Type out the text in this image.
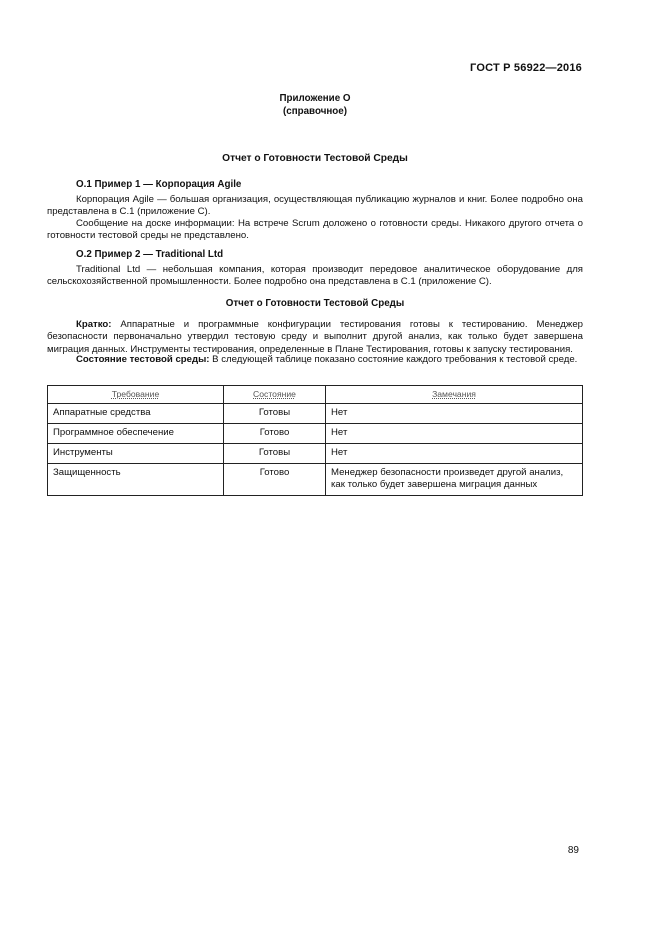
ГОСТ Р 56922—2016
Приложение О
(справочное)
Отчет о Готовности Тестовой Среды
О.1 Пример 1 — Корпорация Agile

Корпорация Agile — большая организация, осуществляющая публикацию журналов и книг. Более подробно она представлена в С.1 (приложение С).

Сообщение на доске информации: На встрече Scrum доложено о готовности среды. Никакого другого отчета о готовности тестовой среды не представлено.

О.2 Пример 2 — Traditional Ltd

Traditional Ltd — небольшая компания, которая производит передовое аналитическое оборудование для сельскохозяйственной промышленности. Более подробно она представлена в С.1 (приложение С).

Отчет о Готовности Тестовой Среды

Кратко: Аппаратные и программные конфигурации тестирования готовы к тестированию. Менеджер безопасности первоначально утвердил тестовую среду и выполнит другой анализ, как только будет завершена миграция данных. Инструменты тестирования, определенные в Плане Тестирования, готовы к запуску тестирования.

Состояние тестовой среды: В следующей таблице показано состояние каждого требования к тестовой среде.

Требование	Состояние	Замечания
Аппаратные средства	Готовы	Нет
Программное обеспечение	Готово	Нет
Инструменты	Готовы	Нет
Защищенность	Готово	Менеджер безопасности произведет другой анализ, как только будет завершена миграция данных
89
